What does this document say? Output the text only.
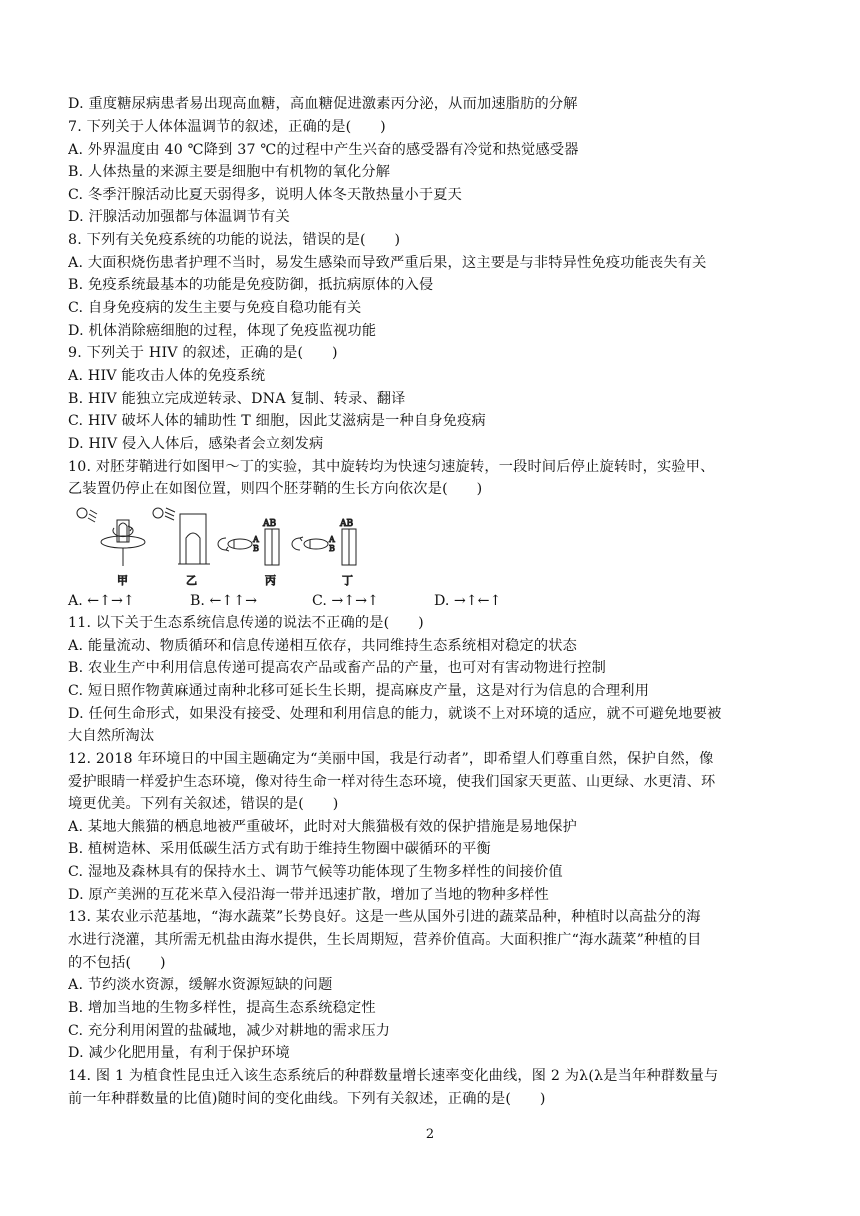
D. 重度糖尿病患者易出现高血糖，高血糖促进激素丙分泌，从而加速脂肪的分解
7. 下列关于人体体温调节的叙述，正确的是(　　)
A. 外界温度由 40 ℃降到 37 ℃的过程中产生兴奋的感受器有冷觉和热觉感受器
B. 人体热量的来源主要是细胞中有机物的氧化分解
C. 冬季汗腺活动比夏天弱得多，说明人体冬天散热量小于夏天
D. 汗腺活动加强都与体温调节有关
8. 下列有关免疫系统的功能的说法，错误的是(　　)
A. 大面积烧伤患者护理不当时，易发生感染而导致严重后果，这主要是与非特异性免疫功能丧失有关
B. 免疫系统最基本的功能是免疫防御，抵抗病原体的入侵
C. 自身免疫病的发生主要与免疫自稳功能有关
D. 机体消除癌细胞的过程，体现了免疫监视功能
9. 下列关于 HIV 的叙述，正确的是(　　)
A. HIV 能攻击人体的免疫系统
B. HIV 能独立完成逆转录、DNA 复制、转录、翻译
C. HIV 破坏人体的辅助性 T 细胞，因此艾滋病是一种自身免疫病
D. HIV 侵入人体后，感染者会立刻发病
10. 对胚芽鞘进行如图甲～丁的实验，其中旋转均为快速匀速旋转，一段时间后停止旋转时，实验甲、
乙装置仍停止在如图位置，则四个胚芽鞘的生长方向依次是(　　)
甲	乙
A
B
AB
丙
A
B
AB
丁
A. ←↑→↑	B. ←↑↑→	C. →↑→↑	D. →↑←↑
11. 以下关于生态系统信息传递的说法不正确的是(　　)
A. 能量流动、物质循环和信息传递相互依存，共同维持生态系统相对稳定的状态
B. 农业生产中利用信息传递可提高农产品或畜产品的产量，也可对有害动物进行控制
C. 短日照作物黄麻通过南种北移可延长生长期，提高麻皮产量，这是对行为信息的合理利用
D. 任何生命形式，如果没有接受、处理和利用信息的能力，就谈不上对环境的适应，就不可避免地要被
大自然所淘汰
12. 2018 年环境日的中国主题确定为“美丽中国，我是行动者”，即希望人们尊重自然，保护自然，像
爱护眼睛一样爱护生态环境，像对待生命一样对待生态环境，使我们国家天更蓝、山更绿、水更清、环
境更优美。下列有关叙述，错误的是(　　)
A. 某地大熊猫的栖息地被严重破坏，此时对大熊猫极有效的保护措施是易地保护
B. 植树造林、采用低碳生活方式有助于维持生物圈中碳循环的平衡
C. 湿地及森林具有的保持水土、调节气候等功能体现了生物多样性的间接价值
D. 原产美洲的互花米草入侵沿海一带并迅速扩散，增加了当地的物种多样性
13. 某农业示范基地，“海水蔬菜”长势良好。这是一些从国外引进的蔬菜品种，种植时以高盐分的海
水进行浇灌，其所需无机盐由海水提供，生长周期短，营养价值高。大面积推广“海水蔬菜”种植的目
的不包括(　　)
A. 节约淡水资源，缓解水资源短缺的问题
B. 增加当地的生物多样性，提高生态系统稳定性
C. 充分利用闲置的盐碱地，减少对耕地的需求压力
D. 减少化肥用量，有利于保护环境
14. 图 1 为植食性昆虫迁入该生态系统后的种群数量增长速率变化曲线，图 2 为λ(λ是当年种群数量与
前一年种群数量的比值)随时间的变化曲线。下列有关叙述，正确的是(　　)
2
